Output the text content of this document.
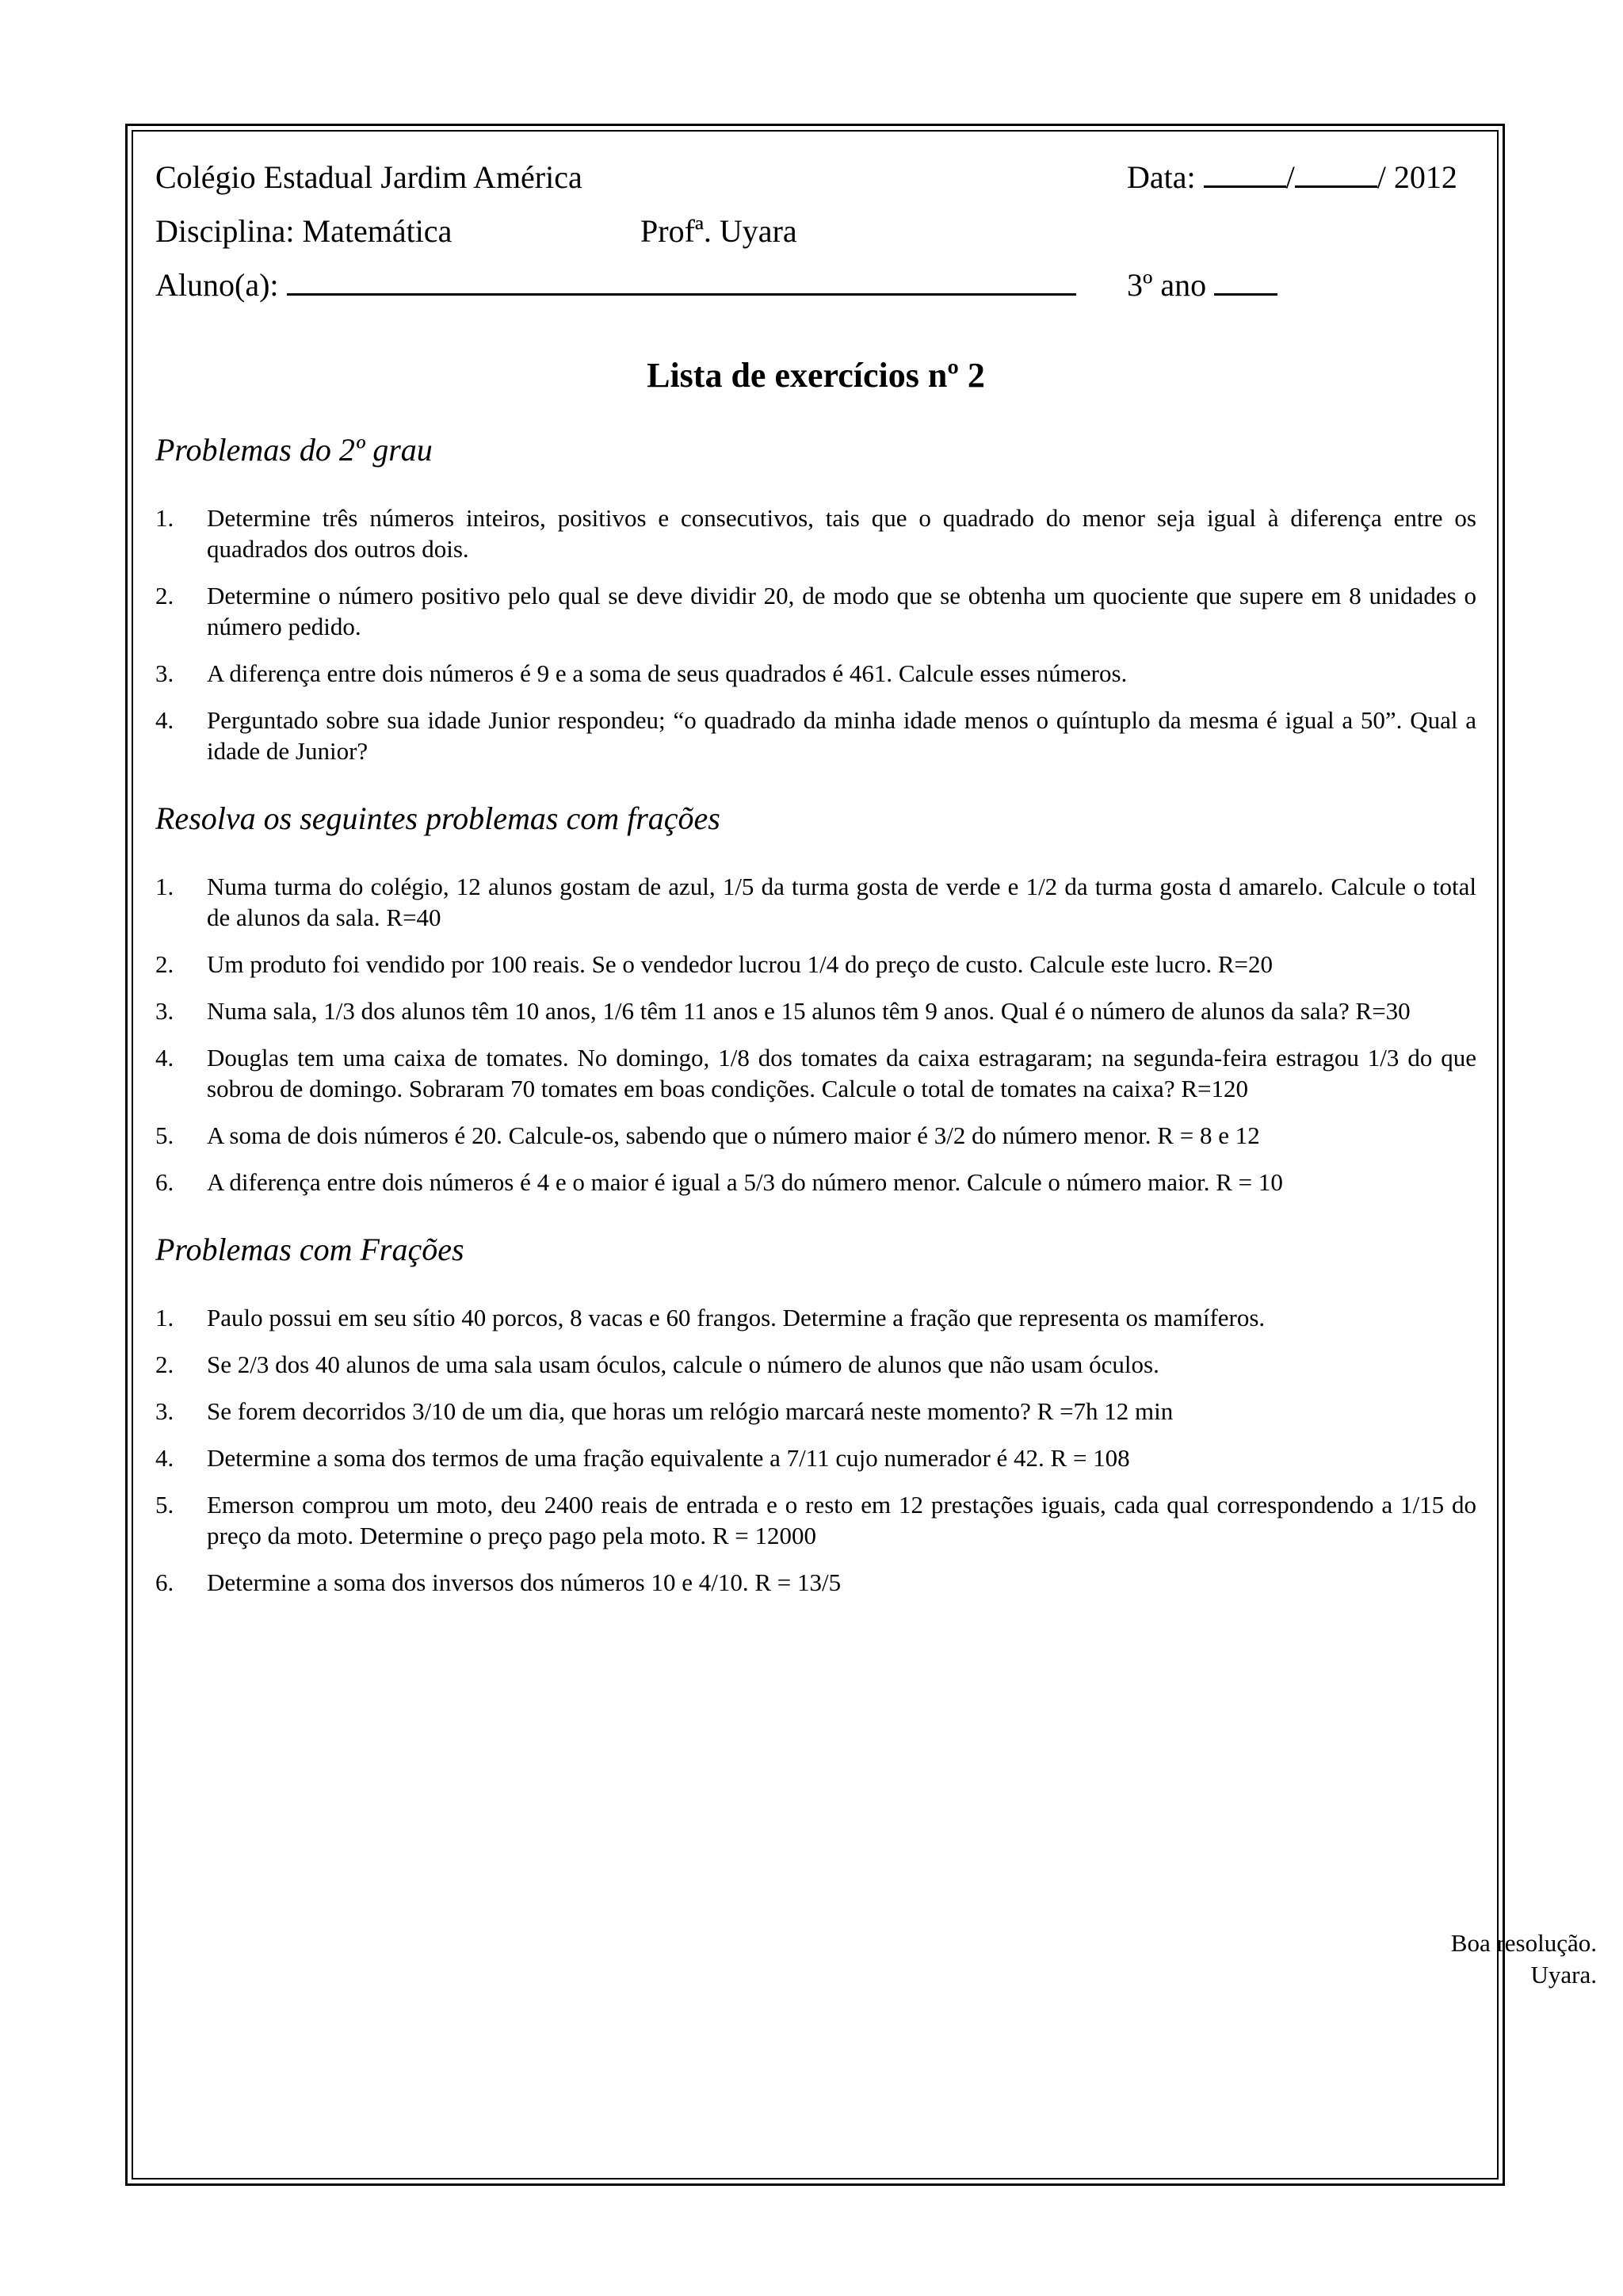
Colégio Estadual Jardim América	Data:	/	/ 2012
Disciplina: Matemática	Profª. Uyara
Aluno(a):	3º ano
Lista de exercícios nº 2
Problemas do 2º grau
1. Determine três números inteiros, positivos e consecutivos, tais que o quadrado do menor seja igual à diferença entre os quadrados dos outros dois.
2. Determine o número positivo pelo qual se deve dividir 20, de modo que se obtenha um quociente que supere em 8 unidades o número pedido.
3. A diferença entre dois números é 9 e a soma de seus quadrados é 461. Calcule esses números.
4. Perguntado sobre sua idade Junior respondeu; “o quadrado da minha idade menos o quíntuplo da mesma é igual a 50”. Qual a idade de Junior?
Resolva os seguintes problemas com frações
1. Numa turma do colégio, 12 alunos gostam de azul, 1/5 da turma gosta de verde e 1/2 da turma gosta d amarelo. Calcule o total de alunos da sala. R=40
2. Um produto foi vendido por 100 reais. Se o vendedor lucrou 1/4 do preço de custo. Calcule este lucro. R=20
3. Numa sala, 1/3 dos alunos têm 10 anos, 1/6 têm 11 anos e 15 alunos têm 9 anos. Qual é o número de alunos da sala? R=30
4. Douglas tem uma caixa de tomates. No domingo, 1/8 dos tomates da caixa estragaram; na segunda-feira estragou 1/3 do que sobrou de domingo. Sobraram 70 tomates em boas condições. Calcule o total de tomates na caixa? R=120
5. A soma de dois números é 20. Calcule-os, sabendo que o número maior é 3/2 do número menor. R = 8 e 12
6. A diferença entre dois números é 4 e o maior é igual a 5/3 do número menor. Calcule o número maior. R = 10
Problemas com Frações
1. Paulo possui em seu sítio 40 porcos, 8 vacas e 60 frangos. Determine a fração que representa os mamíferos.
2. Se 2/3 dos 40 alunos de uma sala usam óculos, calcule o número de alunos que não usam óculos.
3. Se forem decorridos 3/10 de um dia, que horas um relógio marcará neste momento? R =7h 12 min
4. Determine a soma dos termos de uma fração equivalente a 7/11 cujo numerador é 42. R = 108
5. Emerson comprou um moto, deu 2400 reais de entrada e o resto em 12 prestações iguais, cada qual correspondendo a 1/15 do preço da moto. Determine o preço pago pela moto. R = 12000
6. Determine a soma dos inversos dos números 10 e 4/10. R = 13/5
Boa resolução.
Uyara.
